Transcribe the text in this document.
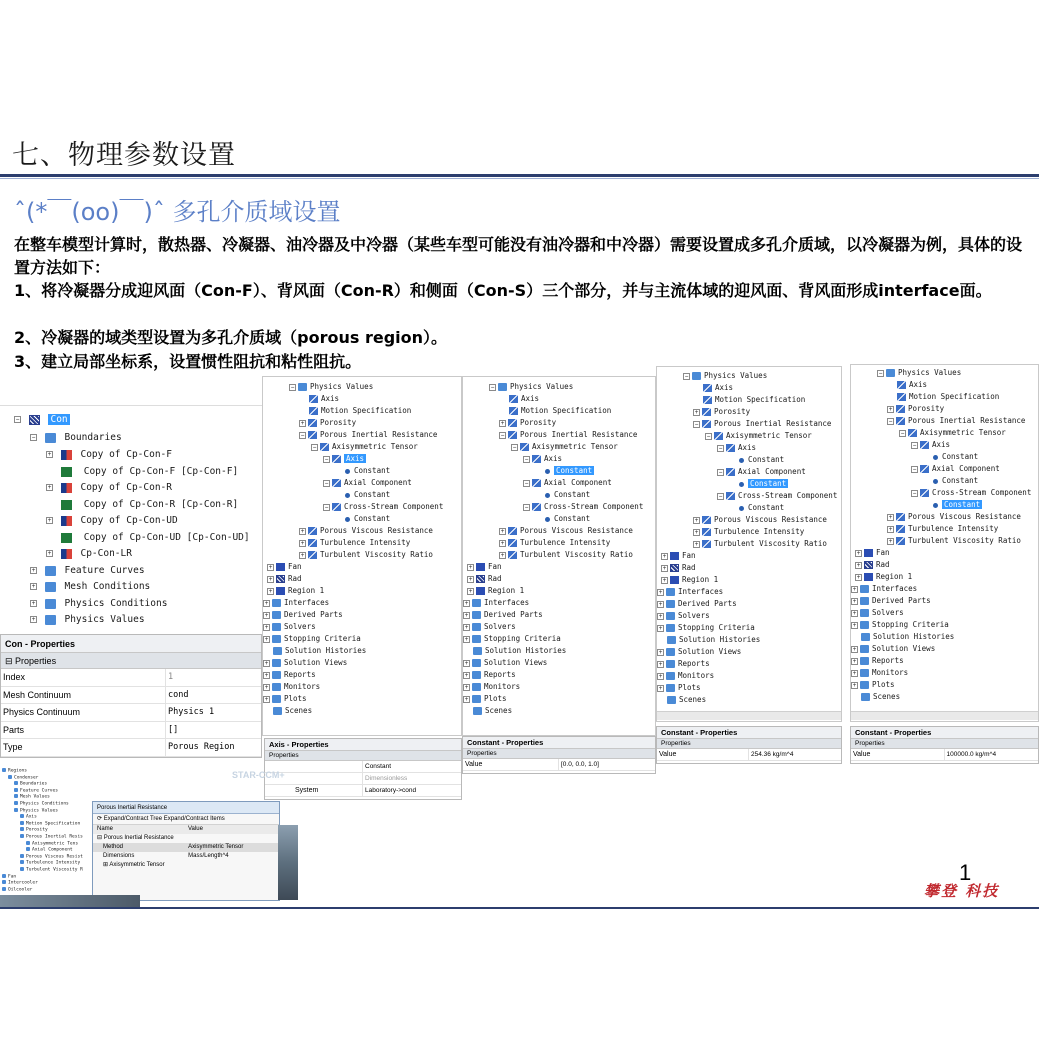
七、物理参数设置
ˆ(*￣(oo)￣)ˆ 多孔介质域设置
在整车模型计算时，散热器、冷凝器、油冷器及中冷器（某些车型可能没有油冷器和中冷器）需要设置成多孔介质域，以冷凝器为例，具体的设置方法如下：
1、将冷凝器分成迎风面（Con-F）、背风面（Con-R）和侧面（Con-S）三个部分，并与主流体域的迎风面、背风面形成interface面。
2、冷凝器的域类型设置为多孔介质域（porous region）。
3、建立局部坐标系，设置惯性阻抗和粘性阻抗。
−	Con
−	Boundaries
+	Copy of Cp-Con-F
Copy of Cp-Con-F [Cp-Con-F]
+	Copy of Cp-Con-R
Copy of Cp-Con-R [Cp-Con-R]
+	Copy of Cp-Con-UD
Copy of Cp-Con-UD [Cp-Con-UD]
+	Cp-Con-LR
+	Feature Curves
+	Mesh Conditions
+	Physics Conditions
+	Physics Values
Con - Properties
⊟ Properties
Index	1
Mesh Continuum	cond
Physics Continuum	Physics 1
Parts	[]
Type	Porous Region
− Physics Values
Axis
Motion Specification
+ Porosity
− Porous Inertial Resistance
− Axisymmetric Tensor
− Axis
Constant
− Axial Component
Constant
− Cross-Stream Component
Constant
+ Porous Viscous Resistance
+ Turbulence Intensity
+ Turbulent Viscosity Ratio
+ Fan
+ Rad
+ Region 1
+ Interfaces
+ Derived Parts
+ Solvers
+ Stopping Criteria
Solution Histories
+ Solution Views
+ Reports
+ Monitors
+ Plots
Scenes
Axis - Properties
Properties
Constant
Dimensionless
System	Laboratory->cond
STAR-CCM+
− Physics Values
Axis
Motion Specification
+ Porosity
− Porous Inertial Resistance
− Axisymmetric Tensor
− Axis
Constant
− Axial Component
Constant
− Cross-Stream Component
Constant
+ Porous Viscous Resistance
+ Turbulence Intensity
+ Turbulent Viscosity Ratio
+ Fan
+ Rad
+ Region 1
+ Interfaces
+ Derived Parts
+ Solvers
+ Stopping Criteria
Solution Histories
+ Solution Views
+ Reports
+ Monitors
+ Plots
Scenes
Constant - Properties
Properties
Value	[0.0, 0.0, 1.0]
− Physics Values
Axis
Motion Specification
+ Porosity
− Porous Inertial Resistance
− Axisymmetric Tensor
− Axis
Constant
− Axial Component
Constant
− Cross-Stream Component
Constant
+ Porous Viscous Resistance
+ Turbulence Intensity
+ Turbulent Viscosity Ratio
+ Fan
+ Rad
+ Region 1
+ Interfaces
+ Derived Parts
+ Solvers
+ Stopping Criteria
Solution Histories
+ Solution Views
+ Reports
+ Monitors
+ Plots
Scenes
Constant - Properties
Properties
Value	254.36 kg/m^4
− Physics Values
Axis
Motion Specification
+ Porosity
− Porous Inertial Resistance
− Axisymmetric Tensor
− Axis
Constant
− Axial Component
Constant
− Cross-Stream Component
Constant
+ Porous Viscous Resistance
+ Turbulence Intensity
+ Turbulent Viscosity Ratio
+ Fan
+ Rad
+ Region 1
+ Interfaces
+ Derived Parts
+ Solvers
+ Stopping Criteria
Solution Histories
+ Solution Views
+ Reports
+ Monitors
+ Plots
Scenes
Constant - Properties
Properties
Value	100000.0 kg/m^4
Regions
Condenser
Boundaries
Feature Curves
Mesh Values
Physics Conditions
Physics Values
Axis
Motion Specification
Porosity
Porous Inertial Resis
Axisymmetric Tens
Axial Component
Porous Viscous Resist
Turbulence Intensity
Turbulent Viscosity R
Fan
Intercooler
Oilcooler
Porous Inertial Resistance
⟳ Expand/Contract Tree Expand/Contract Items
Name	Value
⊟ Porous Inertial Resistance
Method	Axisymmetric Tensor
Dimensions	Mass/Length^4
⊞ Axisymmetric Tensor	1
攀登 科技
